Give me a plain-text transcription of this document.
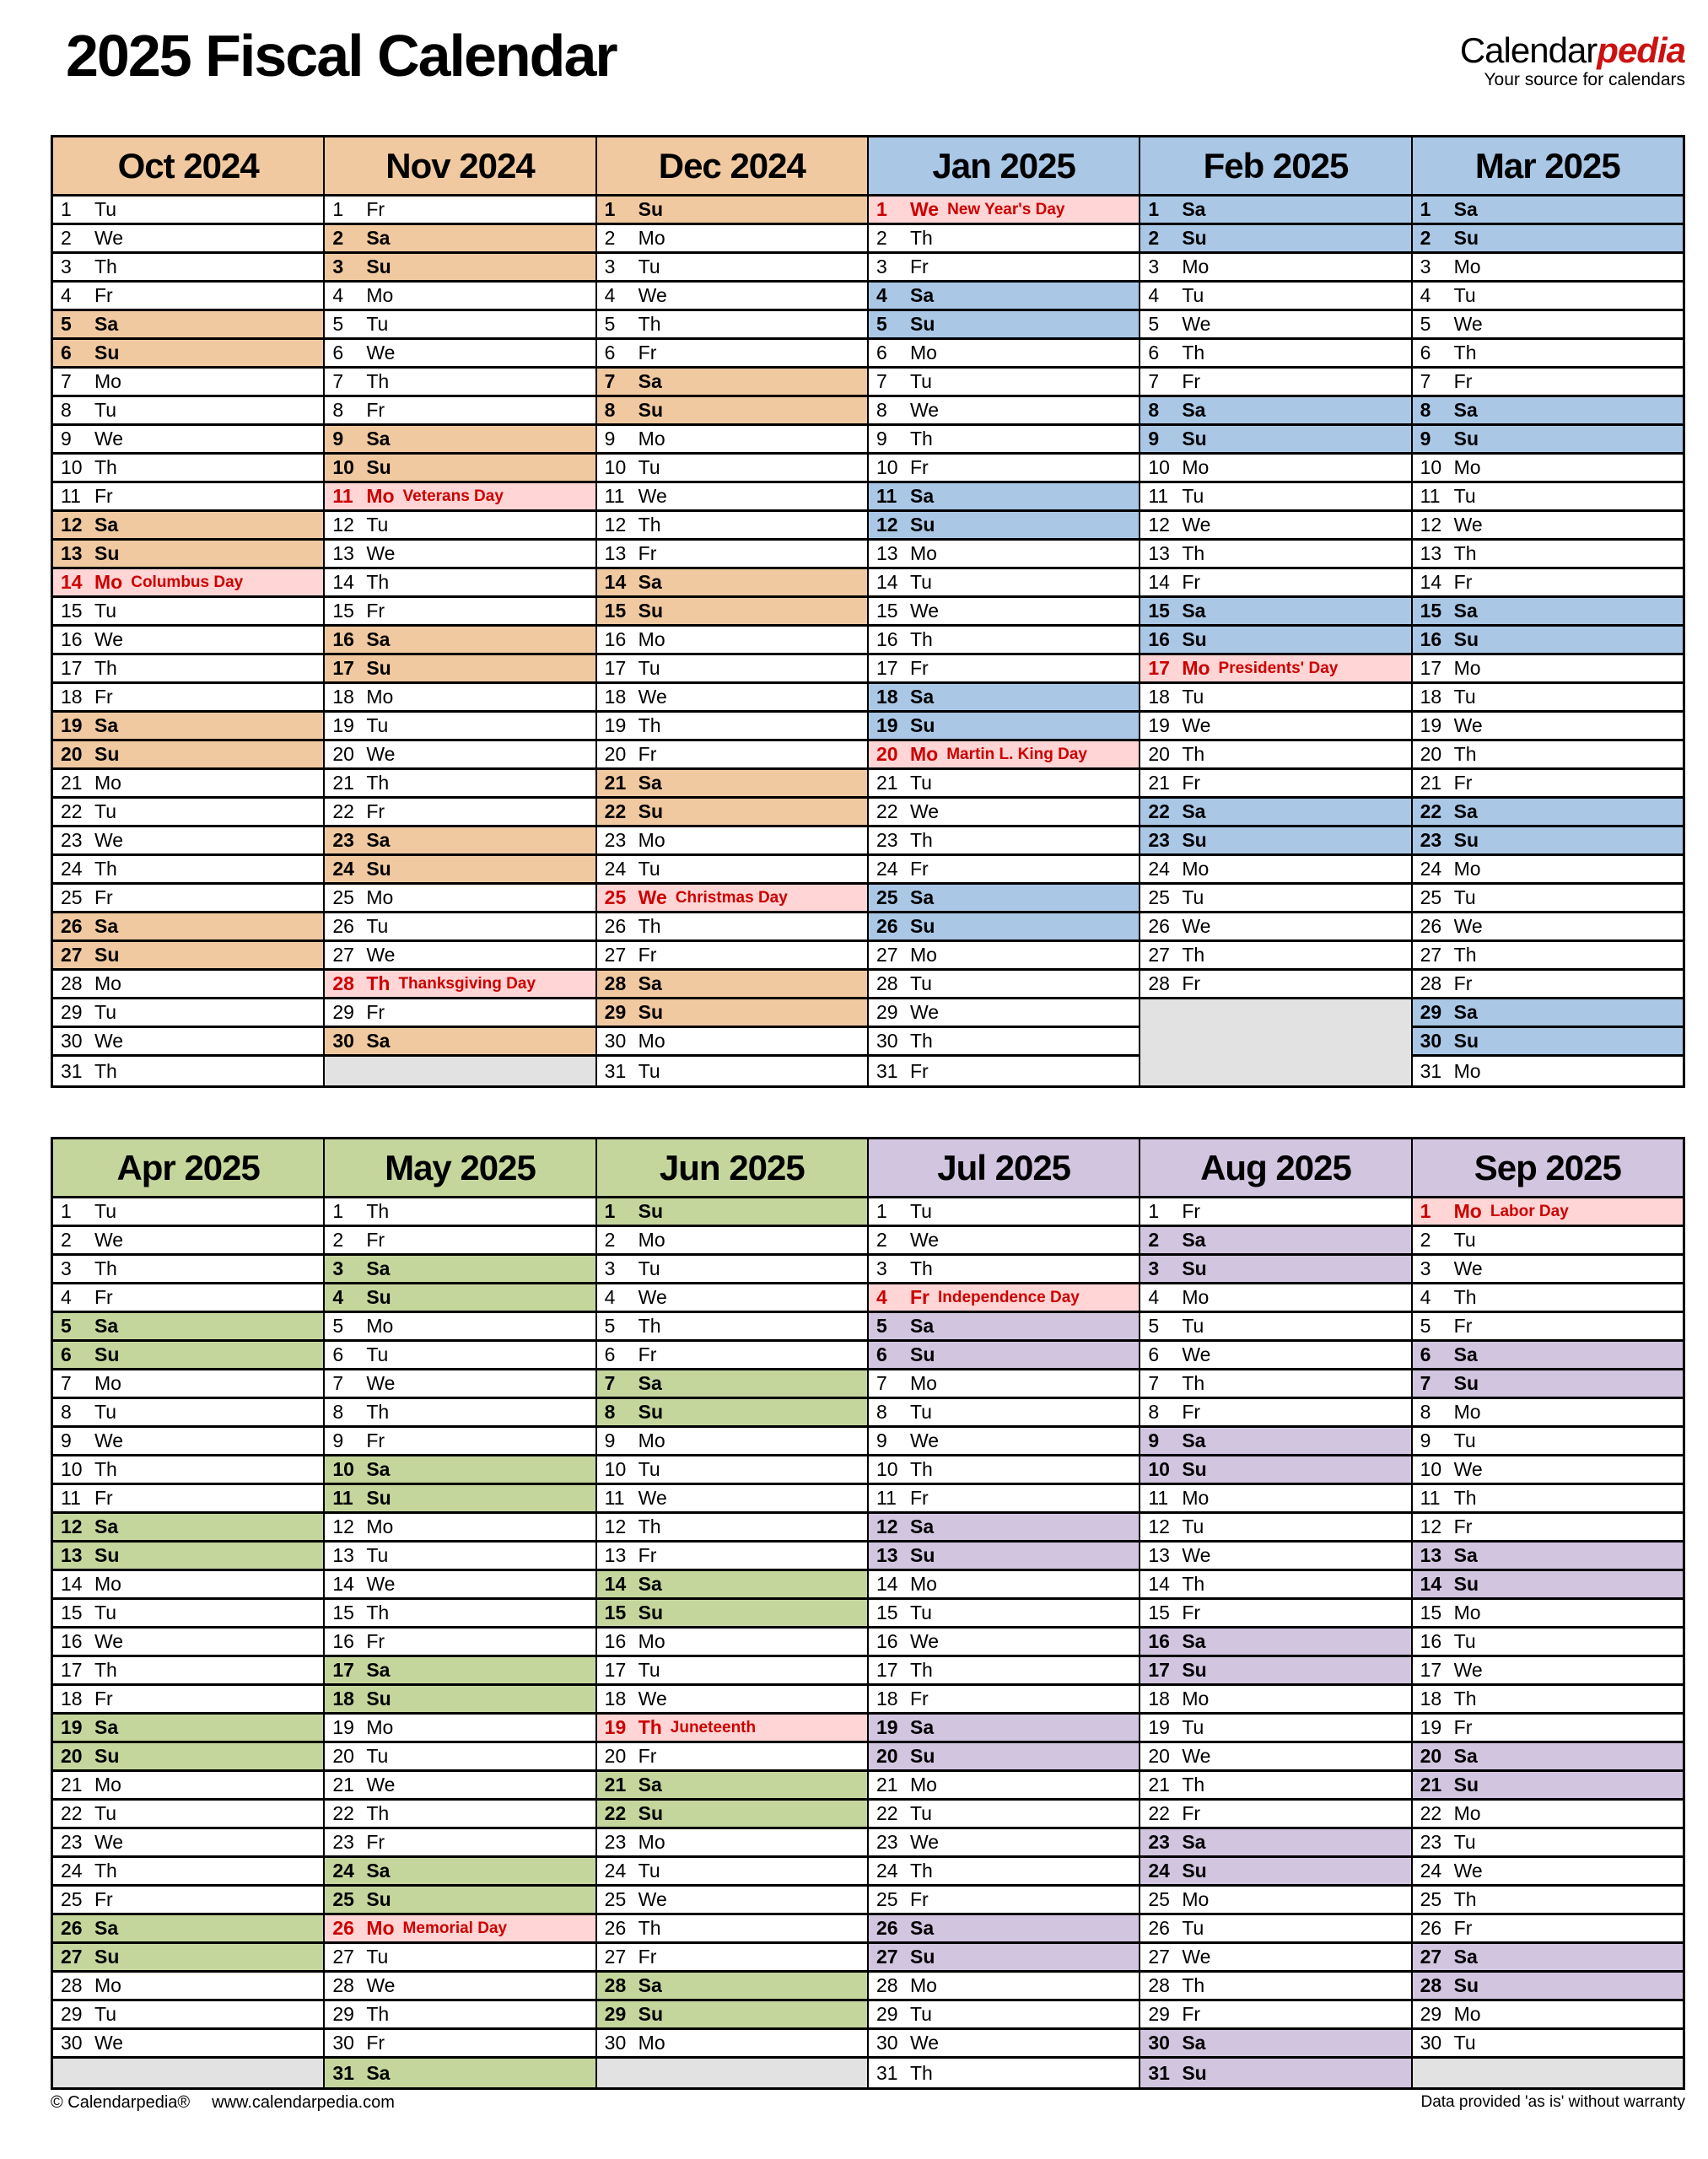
2025 Fiscal Calendar	Calendarpedia
Your source for calendars
Oct 2024
1	Tu
2	We
3	Th
4	Fr
5	Sa
6	Su
7	Mo
8	Tu
9	We
10 Th
11 Fr
12 Sa
13 Su
14 Mo Columbus Day
15 Tu
16 We
17 Th
18 Fr
19 Sa
20 Su
21 Mo
22 Tu
23 We
24 Th
25 Fr
26 Sa
27 Su
28 Mo
29 Tu
30 We
31 Th
Nov 2024
1	Fr
2	Sa
3	Su
4	Mo
5	Tu
6	We
7	Th
8	Fr
9	Sa
10 Su
11 Mo Veterans Day
12 Tu
13 We
14 Th
15 Fr
16 Sa
17 Su
18 Mo
19 Tu
20 We
21 Th
22 Fr
23 Sa
24 Su
25 Mo
26 Tu
27 We
28 Th Thanksgiving Day
29 Fr
30 Sa
Dec 2024
1	Su
2	Mo
3	Tu
4	We
5	Th
6	Fr
7	Sa
8	Su
9	Mo
10 Tu
11 We
12 Th
13 Fr
14 Sa
15 Su
16 Mo
17 Tu
18 We
19 Th
20 Fr
21 Sa
22 Su
23 Mo
24 Tu
25 We Christmas Day
26 Th
27 Fr
28 Sa
29 Su
30 Mo
31 Tu
Jan 2025
1	We New Year's Day
2	Th
3	Fr
4	Sa
5	Su
6	Mo
7	Tu
8	We
9	Th
10 Fr
11 Sa
12 Su
13 Mo
14 Tu
15 We
16 Th
17 Fr
18 Sa
19 Su
20 Mo Martin L. King Day
21 Tu
22 We
23 Th
24 Fr
25 Sa
26 Su
27 Mo
28 Tu
29 We
30 Th
31 Fr
Feb 2025
1	Sa
2	Su
3	Mo
4	Tu
5	We
6	Th
7	Fr
8	Sa
9	Su
10 Mo
11 Tu
12 We
13 Th
14 Fr
15 Sa
16 Su
17 Mo Presidents' Day
18 Tu
19 We
20 Th
21 Fr
22 Sa
23 Su
24 Mo
25 Tu
26 We
27 Th
28 Fr
Mar 2025
1	Sa
2	Su
3	Mo
4	Tu
5	We
6	Th
7	Fr
8	Sa
9	Su
10 Mo
11 Tu
12 We
13 Th
14 Fr
15 Sa
16 Su
17 Mo
18 Tu
19 We
20 Th
21 Fr
22 Sa
23 Su
24 Mo
25 Tu
26 We
27 Th
28 Fr
29 Sa
30 Su
31 Mo
Apr 2025
1	Tu
2	We
3	Th
4	Fr
5	Sa
6	Su
7	Mo
8	Tu
9	We
10 Th
11 Fr
12 Sa
13 Su
14 Mo
15 Tu
16 We
17 Th
18 Fr
19 Sa
20 Su
21 Mo
22 Tu
23 We
24 Th
25 Fr
26 Sa
27 Su
28 Mo
29 Tu
30 We
May 2025
1	Th
2	Fr
3	Sa
4	Su
5	Mo
6	Tu
7	We
8	Th
9	Fr
10 Sa
11 Su
12 Mo
13 Tu
14 We
15 Th
16 Fr
17 Sa
18 Su
19 Mo
20 Tu
21 We
22 Th
23 Fr
24 Sa
25 Su
26 Mo Memorial Day
27 Tu
28 We
29 Th
30 Fr
31 Sa
Jun 2025
1	Su
2	Mo
3	Tu
4	We
5	Th
6	Fr
7	Sa
8	Su
9	Mo
10 Tu
11 We
12 Th
13 Fr
14 Sa
15 Su
16 Mo
17 Tu
18 We
19 Th Juneteenth
20 Fr
21 Sa
22 Su
23 Mo
24 Tu
25 We
26 Th
27 Fr
28 Sa
29 Su
30 Mo
Jul 2025
1	Tu
2	We
3	Th
4	Fr Independence Day
5	Sa
6	Su
7	Mo
8	Tu
9	We
10 Th
11 Fr
12 Sa
13 Su
14 Mo
15 Tu
16 We
17 Th
18 Fr
19 Sa
20 Su
21 Mo
22 Tu
23 We
24 Th
25 Fr
26 Sa
27 Su
28 Mo
29 Tu
30 We
31 Th
Aug 2025
1	Fr
2	Sa
3	Su
4	Mo
5	Tu
6	We
7	Th
8	Fr
9	Sa
10 Su
11 Mo
12 Tu
13 We
14 Th
15 Fr
16 Sa
17 Su
18 Mo
19 Tu
20 We
21 Th
22 Fr
23 Sa
24 Su
25 Mo
26 Tu
27 We
28 Th
29 Fr
30 Sa
31 Su
Sep 2025
1	Mo Labor Day
2	Tu
3	We
4	Th
5	Fr
6	Sa
7	Su
8	Mo
9	Tu
10 We
11 Th
12 Fr
13 Sa
14 Su
15 Mo
16 Tu
17 We
18 Th
19 Fr
20 Sa
21 Su
22 Mo
23 Tu
24 We
25 Th
26 Fr
27 Sa
28 Su
29 Mo
30 Tu
© Calendarpedia® www.calendarpedia.com	Data provided 'as is' without warranty
